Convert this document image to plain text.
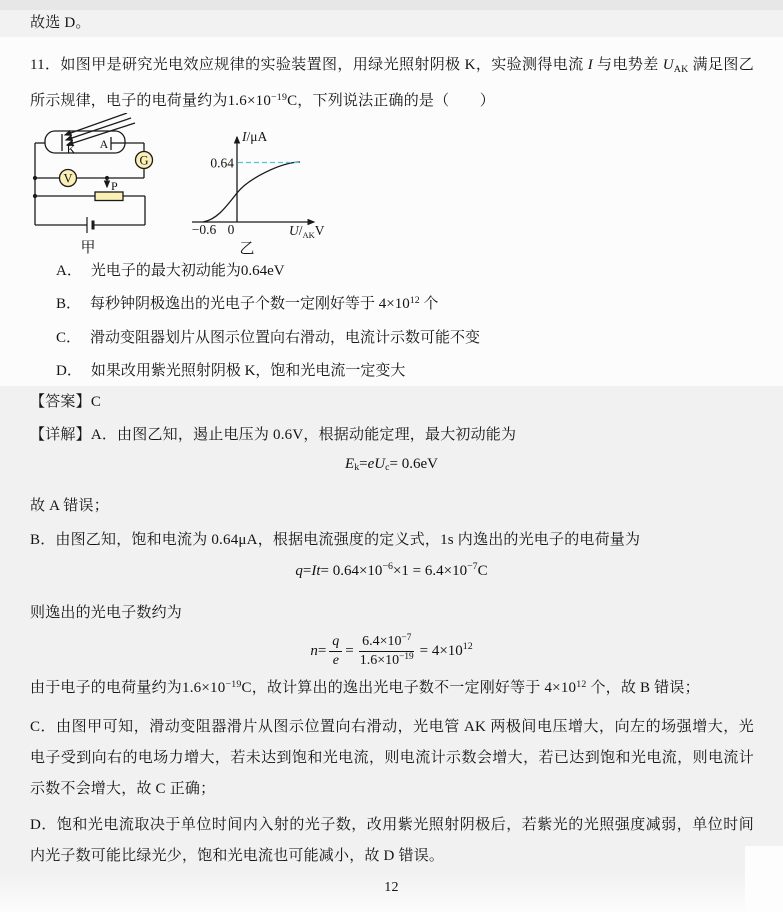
故选 D。
11．如图甲是研究光电效应规律的实验装置图，用绿光照射阴极 K，实验测得电流 I 与电势差 $U_{AK}$ 满足图乙所示规律，电子的电荷量约为$1.6\times 10^{-19}C$，下列说法正确的是（　　）
K A
G
V
P
甲
0.64
I/μA
−0.6 0	$U/_{AK}V$
乙
A． 光电子的最大初动能为0.64eV
B． 每秒钟阴极逸出的光电子个数一定刚好等于 $4\times 10^{12}$ 个
C． 滑动变阻器划片从图示位置向右滑动，电流计示数可能不变
D． 如果改用紫光照射阴极 K，饱和光电流一定变大
【答案】C
【详解】A．由图乙知，遏止电压为 0.6V，根据动能定理，最大初动能为
E k = eU c = 0.6eV
故 A 错误；
B．由图乙知，饱和电流为 0.64μA，根据电流强度的定义式，1s 内逸出的光电子的电荷量为
q = It = 0.64×10 −6 ×1 = 6.4×10 −7 C
则逸出的光电子数约为
$n = \frac{q}{e} = \frac{6.4\times 10^{-7}}{1.6\times 10^{-19}} = 4\times 10$ 12
由于电子的电荷量约为$1.6\times 10^{-19}C$，故计算出的逸出光电子数不一定刚好等于 $4\times 10^{12}$ 个，故 B 错误；
C．由图甲可知，滑动变阻器滑片从图示位置向右滑动，光电管 AK 两极间电压增大，向左的场强增大，光电子受到向右的电场力增大，若未达到饱和光电流，则电流计示数会增大，若已达到饱和光电流，则电流计示数不会增大，故 C 正确；
D．饱和光电流取决于单位时间内入射的光子数，改用紫光照射阴极后，若紫光的光照强度减弱，单位时间内光子数可能比绿光少，饱和光电流也可能减小，故 D 错误。
12
